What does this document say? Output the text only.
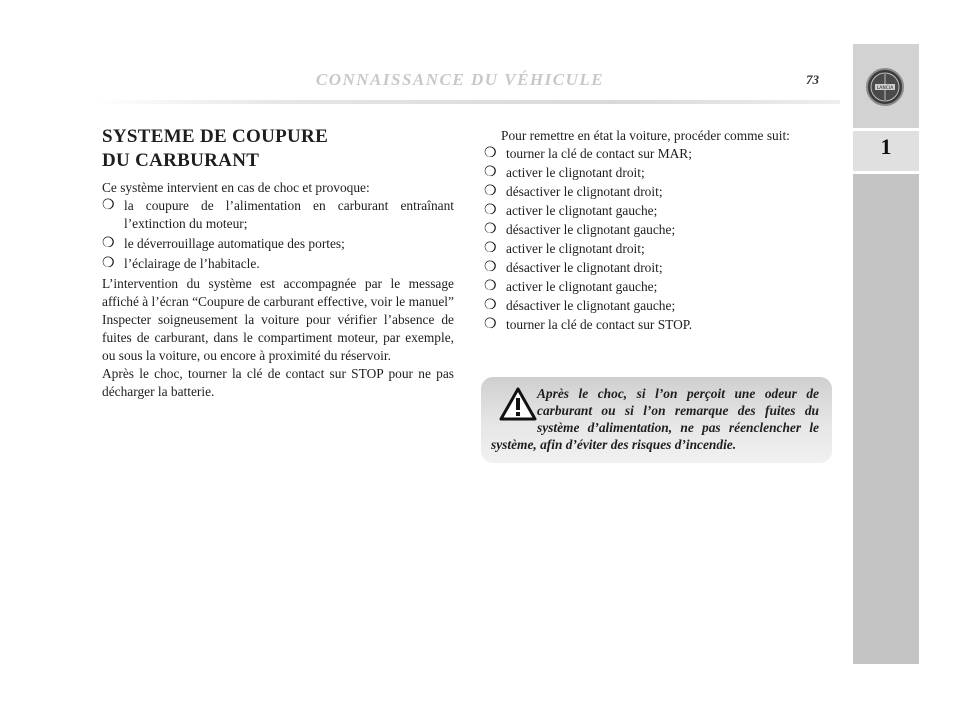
CONNAISSANCE DU VÉHICULE	73
LANCIA
1
SYSTEME DE COUPURE
DU CARBURANT

Ce système intervient en cas de choc et provoque:

❍ la coupure de l’alimentation en carburant entraînant l’extinction du moteur;
❍ le déverrouillage automatique des portes;
❍ l’éclairage de l’habitacle.

L’intervention du système est accompagnée par le message affiché à l’écran “Coupure de carburant effective, voir le manuel”

Inspecter soigneusement la voiture pour vérifier l’absence de fuites de carburant, dans le compartiment moteur, par exemple, ou sous la voiture, ou encore à proximité du réservoir.

Après le choc, tourner la clé de contact sur STOP pour ne pas décharger la batterie.

Pour remettre en état la voiture, procéder comme suit:

❍ tourner la clé de contact sur MAR;
❍ activer le clignotant droit;
❍ désactiver le clignotant droit;
❍ activer le clignotant gauche;
❍ désactiver le clignotant gauche;
❍ activer le clignotant droit;
❍ désactiver le clignotant droit;
❍ activer le clignotant gauche;
❍ désactiver le clignotant gauche;
❍ tourner la clé de contact sur STOP.

Après le choc, si l’on perçoit une odeur de carburant ou si l’on remarque des fuites du système d’alimentation, ne pas réenclencher le système, afin d’éviter des risques d’incendie.
